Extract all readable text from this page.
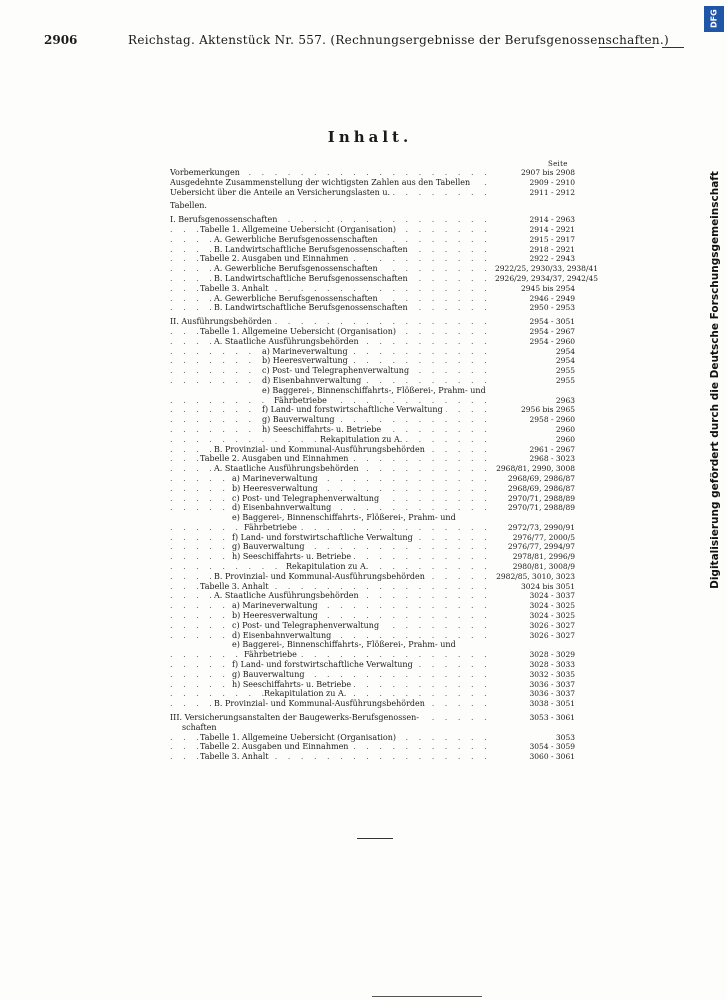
2906	Reichstag. Aktenstück Nr. 557. (Rechnungsergebnisse der Berufsgenossenschaften.)
Inhalt.
Seite
. . .
Vorbemerkungen	2907 bis 2908
. . .
Ausgedehnte Zusammenstellung der wichtigsten Zahlen aus den Tabellen	2909 - 2910
. . .
Uebersicht über die Anteile an Versicherungslasten u.	2911 - 2912
Tabellen.
. . .
I. Berufsgenossenschaften	2914 - 2963
. . .
Tabelle 1. Allgemeine Uebersicht (Organisation)	2914 - 2921
. . .
A. Gewerbliche Berufsgenossenschaften	2915 - 2917
. . .
B. Landwirtschaftliche Berufsgenossenschaften	2918 - 2921
. . .
Tabelle 2. Ausgaben und Einnahmen	2922 - 2943
. . .
A. Gewerbliche Berufsgenossenschaften	2922/25, 2930/33, 2938/41
. . .
B. Landwirtschaftliche Berufsgenossenschaften	2926/29, 2934/37, 2942/45
. . .
Tabelle 3. Anhalt	2945 bis 2954
. . .
A. Gewerbliche Berufsgenossenschaften	2946 - 2949
. . .
B. Landwirtschaftliche Berufsgenossenschaften	2950 - 2953
. . .
II. Ausführungsbehörden	2954 - 3051
. . .
Tabelle 1. Allgemeine Uebersicht (Organisation)	2954 - 2967
. . .
A. Staatliche Ausführungsbehörden	2954 - 2960
. . .
a) Marineverwaltung	2954
. . .
b) Heeresverwaltung	2954
. . .
c) Post- und Telegraphenverwaltung	2955
. . .
d) Eisenbahnverwaltung	2955
e) Baggerei-, Binnenschiffahrts-, Flößerei-, Prahm- und
. . .
Fährbetriebe	2963
. . .
f) Land- und forstwirtschaftliche Verwaltung	2956 bis 2965
. . .
g) Bauverwaltung	2958 - 2960
. . .
h) Seeschiffahrts- u. Betriebe	2960
. . .
Rekapitulation zu A.	2960
. . .
B. Provinzial- und Kommunal-Ausführungsbehörden	2961 - 2967
. . .
Tabelle 2. Ausgaben und Einnahmen	2968 - 3023
. . .
A. Staatliche Ausführungsbehörden	2968/81, 2990, 3008
. . .
a) Marineverwaltung	2968/69, 2986/87
. . .
b) Heeresverwaltung	2968/69, 2986/87
. . .
c) Post- und Telegraphenverwaltung	2970/71, 2988/89
. . .
d) Eisenbahnverwaltung	2970/71, 2988/89
e) Baggerei-, Binnenschiffahrts-, Flößerei-, Prahm- und
. . .
Fährbetriebe	2972/73, 2990/91
. . .
f) Land- und forstwirtschaftliche Verwaltung	2976/77, 2000/5
. . .
g) Bauverwaltung	2976/77, 2994/97
. . .
h) Seeschiffahrts- u. Betriebe	2978/81, 2996/9
. . .
Rekapitulation zu A.	2980/81, 3008/9
. . .
B. Provinzial- und Kommunal-Ausführungsbehörden	2982/85, 3010, 3023
. . .
Tabelle 3. Anhalt	3024 bis 3051
. . .
A. Staatliche Ausführungsbehörden	3024 - 3037
. . .
a) Marineverwaltung	3024 - 3025
. . .
b) Heeresverwaltung	3024 - 3025
. . .
c) Post- und Telegraphenverwaltung	3026 - 3027
. . .
d) Eisenbahnverwaltung	3026 - 3027
e) Baggerei-, Binnenschiffahrts-, Flößerei-, Prahm- und
. . .
Fährbetriebe	3028 - 3029
. . .
f) Land- und forstwirtschaftliche Verwaltung	3028 - 3033
. . .
g) Bauverwaltung	3032 - 3035
. . .
h) Seeschiffahrts- u. Betriebe	3036 - 3037
. . .
Rekapitulation zu A.	3036 - 3037
. . .
B. Provinzial- und Kommunal-Ausführungsbehörden	3038 - 3051
. . .
III. Versicherungsanstalten der Baugewerks-Berufsgenossen-	3053 - 3061
schaften
. . .
Tabelle 1. Allgemeine Uebersicht (Organisation)	3053
. . .
Tabelle 2. Ausgaben und Einnahmen	3054 - 3059
. . .
Tabelle 3. Anhalt	3060 - 3061
DFG
Digitalisierung gefördert durch die Deutsche Forschungsgemeinschaft
